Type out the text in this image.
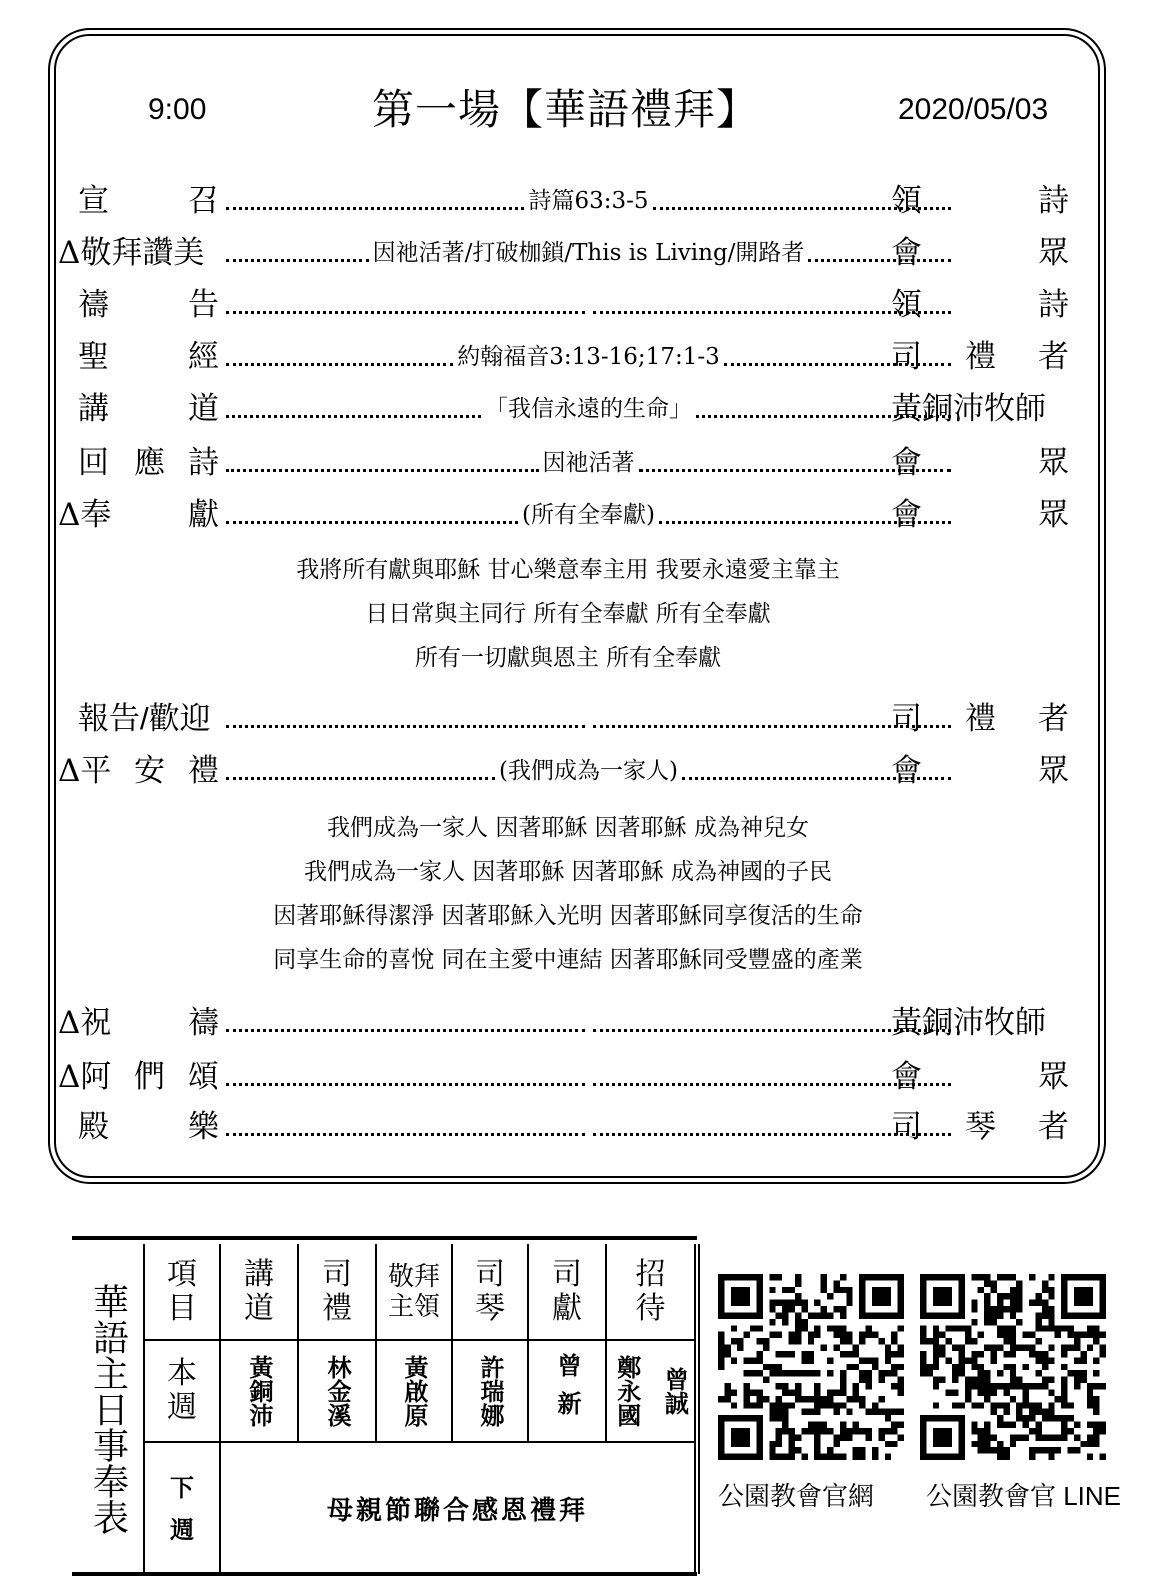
9:00	第一場【華語禮拜】	2020/05/03
宣	召	詩篇63:3-5	領	詩
Δ敬拜讚美	因祂活著/打破枷鎖/This is Living/開路者	會	眾
禱	告	領	詩
聖	經	約翰福音3:13-16;17:1-3	司 禮 者
講	道	「我信永遠的生命」	黃銅沛牧師
回 應 詩	因祂活著	會	眾
Δ奉 獻	(所有全奉獻)	會	眾
我將所有獻與耶穌 甘心樂意奉主用 我要永遠愛主靠主
日日常與主同行 所有全奉獻 所有全奉獻
所有一切獻與恩主 所有全奉獻
報告/歡迎	司 禮 者
Δ平 安 禮	(我們成為一家人)	會	眾
我們成為一家人 因著耶穌 因著耶穌 成為神兒女
我們成為一家人 因著耶穌 因著耶穌 成為神國的子民
因著耶穌得潔淨 因著耶穌入光明 因著耶穌同享復活的生命
同享生命的喜悅 同在主愛中連結 因著耶穌同受豐盛的產業
Δ祝 禱	黃銅沛牧師
Δ阿 們 頌	會	眾
殿	樂	司 琴 者
華語主日事奉表	項目	講道	司禮	敬拜主領	司琴	司獻	招待

	本週	黃銅沛	林金溪	黃啟原	許瑞娜	曾新	鄭永國 曾誠

	下週	母親節聯合感恩禮拜						公園教會官網 公園教會官 LINE
